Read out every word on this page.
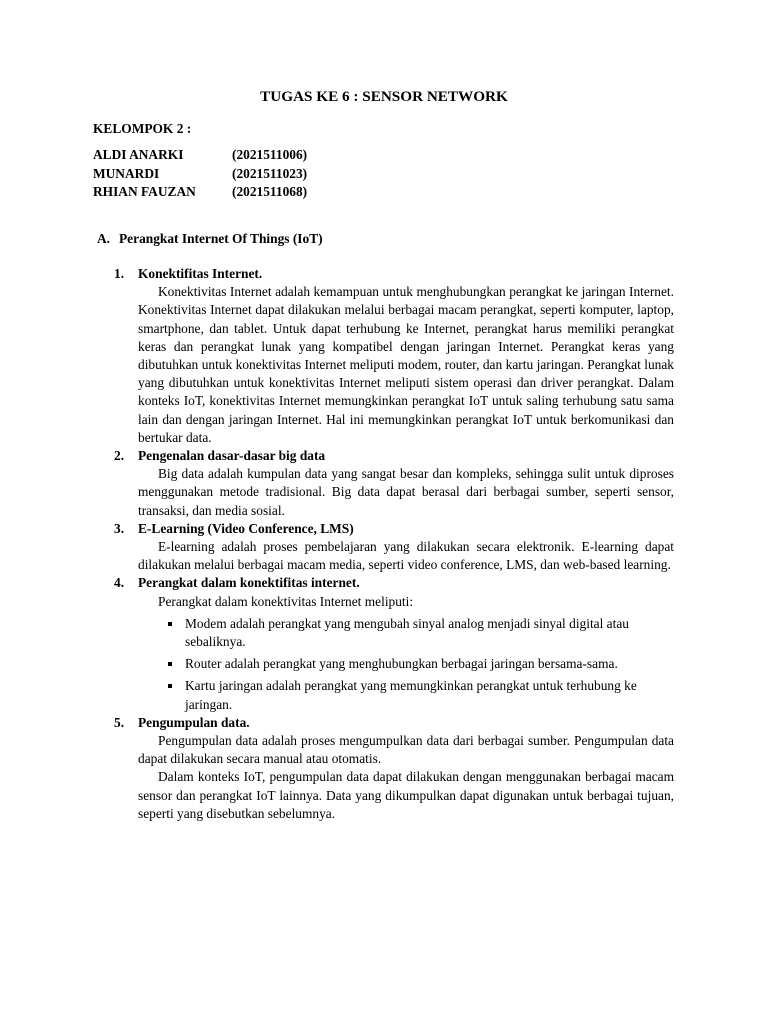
TUGAS KE 6 : SENSOR NETWORK
KELOMPOK 2 :
ALDI ANARKI	(2021511006)
MUNARDI	(2021511023)
RHIAN FAUZAN	(2021511068)
A. Perangkat Internet Of Things (IoT)
1.	Konektifitas Internet.
Konektivitas Internet adalah kemampuan untuk menghubungkan perangkat ke jaringan Internet. Konektivitas Internet dapat dilakukan melalui berbagai macam perangkat, seperti komputer, laptop, smartphone, dan tablet. Untuk dapat terhubung ke Internet, perangkat harus memiliki perangkat keras dan perangkat lunak yang kompatibel dengan jaringan Internet. Perangkat keras yang dibutuhkan untuk konektivitas Internet meliputi modem, router, dan kartu jaringan. Perangkat lunak yang dibutuhkan untuk konektivitas Internet meliputi sistem operasi dan driver perangkat. Dalam konteks IoT, konektivitas Internet memungkinkan perangkat IoT untuk saling terhubung satu sama lain dan dengan jaringan Internet. Hal ini memungkinkan perangkat IoT untuk berkomunikasi dan bertukar data.
2.	Pengenalan dasar-dasar big data
Big data adalah kumpulan data yang sangat besar dan kompleks, sehingga sulit untuk diproses menggunakan metode tradisional. Big data dapat berasal dari berbagai sumber, seperti sensor, transaksi, dan media sosial.
3.	E-Learning (Video Conference, LMS)
E-learning adalah proses pembelajaran yang dilakukan secara elektronik. E-learning dapat dilakukan melalui berbagai macam media, seperti video conference, LMS, dan web-based learning.
4.	Perangkat dalam konektifitas internet.
Perangkat dalam konektivitas Internet meliputi:
Modem adalah perangkat yang mengubah sinyal analog menjadi sinyal digital atau sebaliknya.
Router adalah perangkat yang menghubungkan berbagai jaringan bersama-sama.
Kartu jaringan adalah perangkat yang memungkinkan perangkat untuk terhubung ke jaringan.
5.	Pengumpulan data.
Pengumpulan data adalah proses mengumpulkan data dari berbagai sumber. Pengumpulan data dapat dilakukan secara manual atau otomatis.
Dalam konteks IoT, pengumpulan data dapat dilakukan dengan menggunakan berbagai macam sensor dan perangkat IoT lainnya. Data yang dikumpulkan dapat digunakan untuk berbagai tujuan, seperti yang disebutkan sebelumnya.
